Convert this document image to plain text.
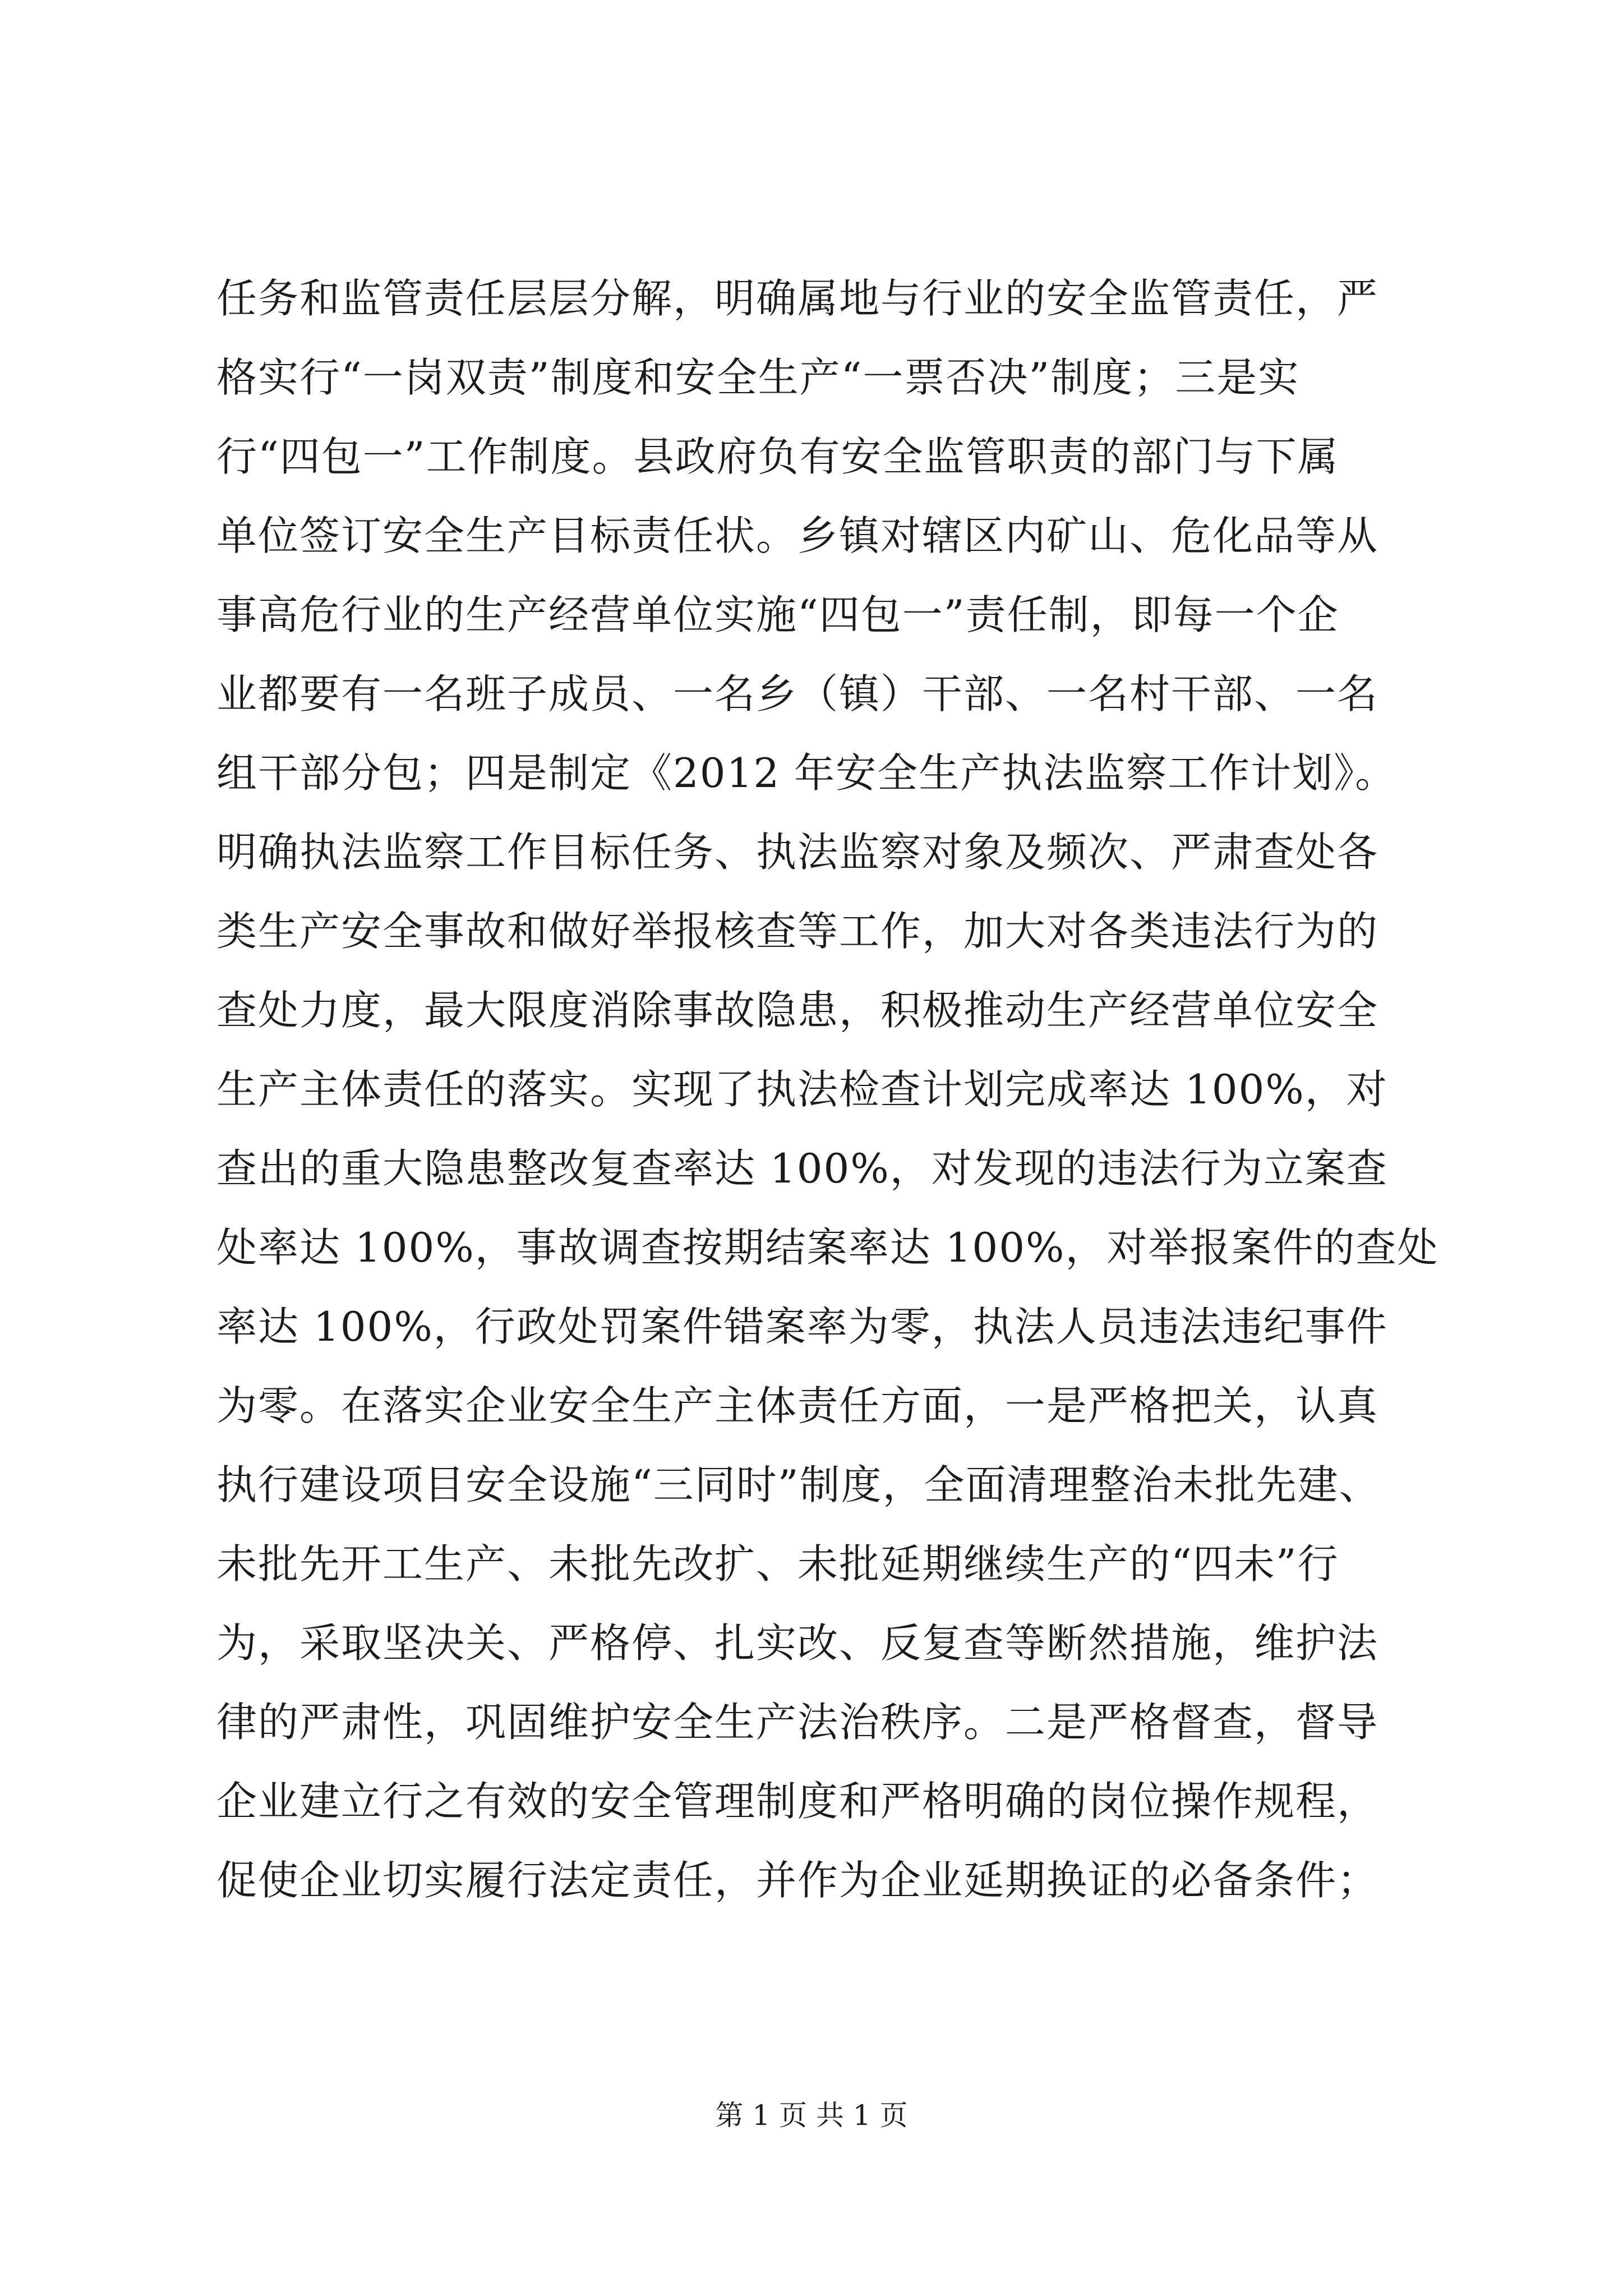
任务和监管责任层层分解，明确属地与行业的安全监管责任，严
格实行“一岗双责”制度和安全生产“一票否决”制度；三是实
行“四包一”工作制度。县政府负有安全监管职责的部门与下属
单位签订安全生产目标责任状。乡镇对辖区内矿山、危化品等从
事高危行业的生产经营单位实施“四包一”责任制，即每一个企
业都要有一名班子成员、一名乡（镇）干部、一名村干部、一名
组干部分包；四是制定《2012 年安全生产执法监察工作计划》。
明确执法监察工作目标任务、执法监察对象及频次、严肃查处各
类生产安全事故和做好举报核查等工作，加大对各类违法行为的
查处力度，最大限度消除事故隐患，积极推动生产经营单位安全
生产主体责任的落实。实现了执法检查计划完成率达 100%，对
查出的重大隐患整改复查率达 100%，对发现的违法行为立案查
处率达 100%，事故调查按期结案率达 100%，对举报案件的查处
率达 100%，行政处罚案件错案率为零，执法人员违法违纪事件
为零。在落实企业安全生产主体责任方面，一是严格把关，认真
执行建设项目安全设施“三同时”制度，全面清理整治未批先建、
未批先开工生产、未批先改扩、未批延期继续生产的“四未”行
为，采取坚决关、严格停、扎实改、反复查等断然措施，维护法
律的严肃性，巩固维护安全生产法治秩序。二是严格督查，督导
企业建立行之有效的安全管理制度和严格明确的岗位操作规程，
促使企业切实履行法定责任，并作为企业延期换证的必备条件；
第 1 页 共 1 页
